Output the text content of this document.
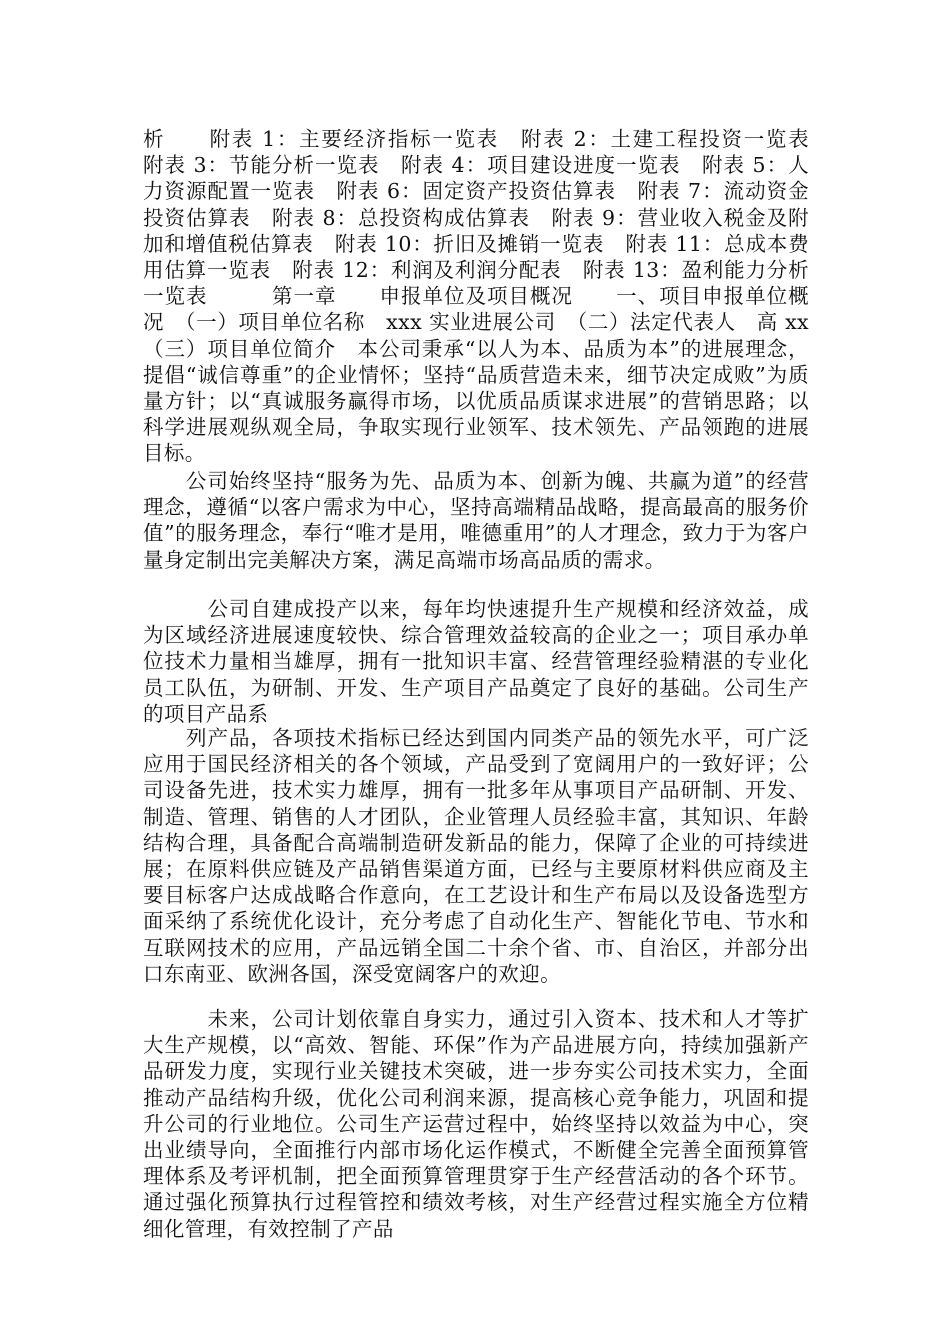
析　　附表 1：主要经济指标一览表　附表 2：土建工程投资一览表　　附表 3：节能分析一览表　附表 4：项目建设进度一览表　附表 5：人力资源配置一览表　附表 6：固定资产投资估算表　附表 7：流动资金投资估算表　附表 8：总投资构成估算表　附表 9：营业收入税金及附加和增值税估算表　附表 10：折旧及摊销一览表　附表 11：总成本费用估算一览表　附表 12：利润及利润分配表　附表 13：盈利能力分析一览表　　　第一章　　申报单位及项目概况　　一、项目申报单位概况　（一）项目单位名称　xxx 实业进展公司　（二）法定代表人　高 xx　（三）项目单位简介　本公司秉承“以人为本、品质为本”的进展理念，提倡“诚信尊重”的企业情怀；坚持“品质营造未来，细节决定成败”为质量方针；以“真诚服务赢得市场，以优质品质谋求进展”的营销思路；以科学进展观纵观全局，争取实现行业领军、技术领先、产品领跑的进展目标。

　　公司始终坚持“服务为先、品质为本、创新为魄、共赢为道”的经营理念，遵循“以客户需求为中心，坚持高端精品战略，提高最高的服务价值”的服务理念，奉行“唯才是用，唯德重用”的人才理念，致力于为客户量身定制出完美解决方案，满足高端市场高品质的需求。

　　　公司自建成投产以来，每年均快速提升生产规模和经济效益，成为区域经济进展速度较快、综合管理效益较高的企业之一；项目承办单位技术力量相当雄厚，拥有一批知识丰富、经营管理经验精湛的专业化员工队伍，为研制、开发、生产项目产品奠定了良好的基础。公司生产的项目产品系

　　列产品，各项技术指标已经达到国内同类产品的领先水平，可广泛应用于国民经济相关的各个领域，产品受到了宽阔用户的一致好评；公司设备先进，技术实力雄厚，拥有一批多年从事项目产品研制、开发、制造、管理、销售的人才团队，企业管理人员经验丰富，其知识、年龄结构合理，具备配合高端制造研发新品的能力，保障了企业的可持续进展；在原料供应链及产品销售渠道方面，已经与主要原材料供应商及主要目标客户达成战略合作意向，在工艺设计和生产布局以及设备选型方面采纳了系统优化设计，充分考虑了自动化生产、智能化节电、节水和互联网技术的应用，产品远销全国二十余个省、市、自治区，并部分出口东南亚、欧洲各国，深受宽阔客户的欢迎。

　　　未来，公司计划依靠自身实力，通过引入资本、技术和人才等扩大生产规模，以“高效、智能、环保”作为产品进展方向，持续加强新产品研发力度，实现行业关键技术突破，进一步夯实公司技术实力，全面推动产品结构升级，优化公司利润来源，提高核心竞争能力，巩固和提升公司的行业地位。公司生产运营过程中，始终坚持以效益为中心，突出业绩导向，全面推行内部市场化运作模式，不断健全完善全面预算管理体系及考评机制，把全面预算管理贯穿于生产经营活动的各个环节。通过强化预算执行过程管控和绩效考核，对生产经营过程实施全方位精细化管理，有效控制了产品
